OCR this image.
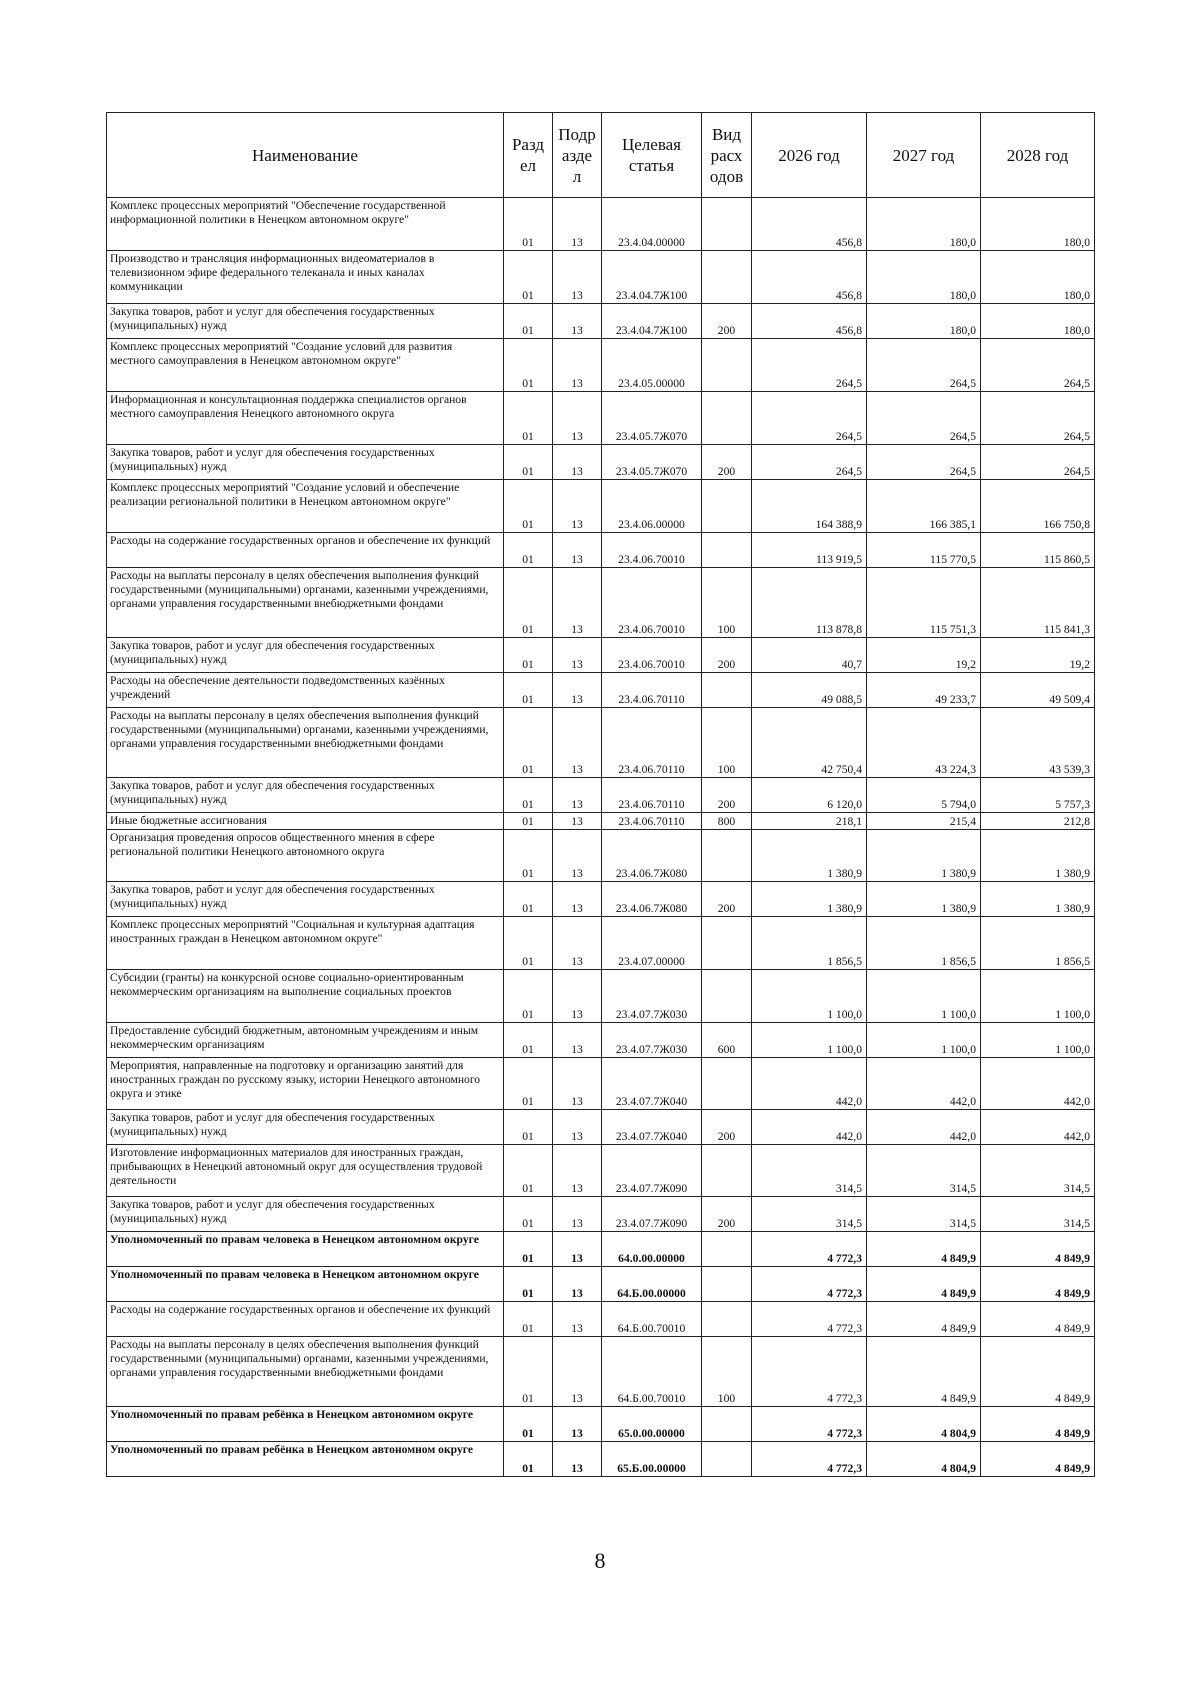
Наименование	Разд ел	Подр азде л	Целевая статья	Вид расх одов	2026 год	2027 год	2028 год
Комплекс процессных мероприятий "Обеспечение государственной информационной политики в Ненецком автономном округе"	01	13	23.4.04.00000		456,8	180,0	180,0
Производство и трансляция информационных видеоматериалов в телевизионном эфире федерального телеканала и иных каналах коммуникации	01	13	23.4.04.7Ж100		456,8	180,0	180,0
Закупка товаров, работ и услуг для обеспечения государственных (муниципальных) нужд	01	13	23.4.04.7Ж100	200	456,8	180,0	180,0
Комплекс процессных мероприятий "Создание условий для развития местного самоуправления в Ненецком автономном округе"	01	13	23.4.05.00000		264,5	264,5	264,5
Информационная и консультационная поддержка специалистов органов местного самоуправления Ненецкого автономного округа	01	13	23.4.05.7Ж070		264,5	264,5	264,5
Закупка товаров, работ и услуг для обеспечения государственных (муниципальных) нужд	01	13	23.4.05.7Ж070	200	264,5	264,5	264,5
Комплекс процессных мероприятий "Создание условий и обеспечение реализации региональной политики в Ненецком автономном округе"	01	13	23.4.06.00000		164 388,9	166 385,1	166 750,8
Расходы на содержание государственных органов и обеспечение их функций	01	13	23.4.06.70010		113 919,5	115 770,5	115 860,5
Расходы на выплаты персоналу в целях обеспечения выполнения функций государственными (муниципальными) органами, казенными учреждениями, органами управления государственными внебюджетными фондами	01	13	23.4.06.70010	100	113 878,8	115 751,3	115 841,3
Закупка товаров, работ и услуг для обеспечения государственных (муниципальных) нужд	01	13	23.4.06.70010	200	40,7	19,2	19,2
Расходы на обеспечение деятельности подведомственных казённых учреждений	01	13	23.4.06.70110		49 088,5	49 233,7	49 509,4
Расходы на выплаты персоналу в целях обеспечения выполнения функций государственными (муниципальными) органами, казенными учреждениями, органами управления государственными внебюджетными фондами	01	13	23.4.06.70110	100	42 750,4	43 224,3	43 539,3
Закупка товаров, работ и услуг для обеспечения государственных (муниципальных) нужд	01	13	23.4.06.70110	200	6 120,0	5 794,0	5 757,3
Иные бюджетные ассигнования	01	13	23.4.06.70110	800	218,1	215,4	212,8
Организация проведения опросов общественного мнения в сфере региональной политики Ненецкого автономного округа	01	13	23.4.06.7Ж080		1 380,9	1 380,9	1 380,9
Закупка товаров, работ и услуг для обеспечения государственных (муниципальных) нужд	01	13	23.4.06.7Ж080	200	1 380,9	1 380,9	1 380,9
Комплекс процессных мероприятий "Социальная и культурная адаптация иностранных граждан в Ненецком автономном округе"	01	13	23.4.07.00000		1 856,5	1 856,5	1 856,5
Субсидии (гранты) на конкурсной основе социально-ориентированным некоммерческим организациям на выполнение социальных проектов	01	13	23.4.07.7Ж030		1 100,0	1 100,0	1 100,0
Предоставление субсидий бюджетным, автономным учреждениям и иным некоммерческим организациям	01	13	23.4.07.7Ж030	600	1 100,0	1 100,0	1 100,0
Мероприятия, направленные на подготовку и организацию занятий для иностранных граждан по русскому языку, истории Ненецкого автономного округа и этике	01	13	23.4.07.7Ж040		442,0	442,0	442,0
Закупка товаров, работ и услуг для обеспечения государственных (муниципальных) нужд	01	13	23.4.07.7Ж040	200	442,0	442,0	442,0
Изготовление информационных материалов для иностранных граждан, прибывающих в Ненецкий автономный округ для осуществления трудовой деятельности	01	13	23.4.07.7Ж090		314,5	314,5	314,5
Закупка товаров, работ и услуг для обеспечения государственных (муниципальных) нужд	01	13	23.4.07.7Ж090	200	314,5	314,5	314,5
Уполномоченный по правам человека в Ненецком автономном округе	01	13	64.0.00.00000		4 772,3	4 849,9	4 849,9
Уполномоченный по правам человека в Ненецком автономном округе	01	13	64.Б.00.00000		4 772,3	4 849,9	4 849,9
Расходы на содержание государственных органов и обеспечение их функций	01	13	64.Б.00.70010		4 772,3	4 849,9	4 849,9
Расходы на выплаты персоналу в целях обеспечения выполнения функций государственными (муниципальными) органами, казенными учреждениями, органами управления государственными внебюджетными фондами	01	13	64.Б.00.70010	100	4 772,3	4 849,9	4 849,9
Уполномоченный по правам ребёнка в Ненецком автономном округе	01	13	65.0.00.00000		4 772,3	4 804,9	4 849,9
Уполномоченный по правам ребёнка в Ненецком автономном округе	01	13	65.Б.00.00000		4 772,3	4 804,9	4 849,9
8
